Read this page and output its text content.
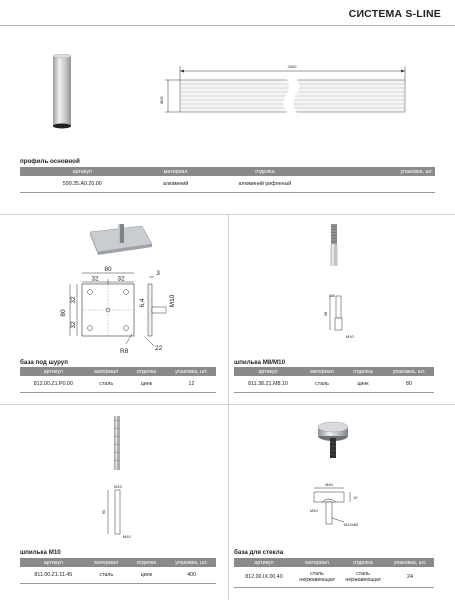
СИСТЕМА S-LINE
2000
Ø35
профиль основной
артикул	материал	отделка	упаковка, шт.
599.35.A0.20.00	алюминий	алюминий рифленый	
80
32	32
3
80
32
32
M10
6,4
22
R8
база под шуруп
артикул	материал	отделка	упаковка, шт.
812.00.Z1.P0.00	сталь	цинк	12
M8
38
M10
шпилька M8/M10
артикул	материал	отделка	упаковка, шт.
811.38.Z1.M8.10	сталь	цинк	80
M10
60
M10
шпилька M10
артикул	материал	отделка	упаковка, шт.
811.00.Z1.11.45	сталь	цинк	400
Ø40
10
M10
M10x80
база для стекла
артикул	материал	отделка	упаковка, шт.
812.00.IX.00.40	сталь нержавеющая	сталь нержавеющая	24
